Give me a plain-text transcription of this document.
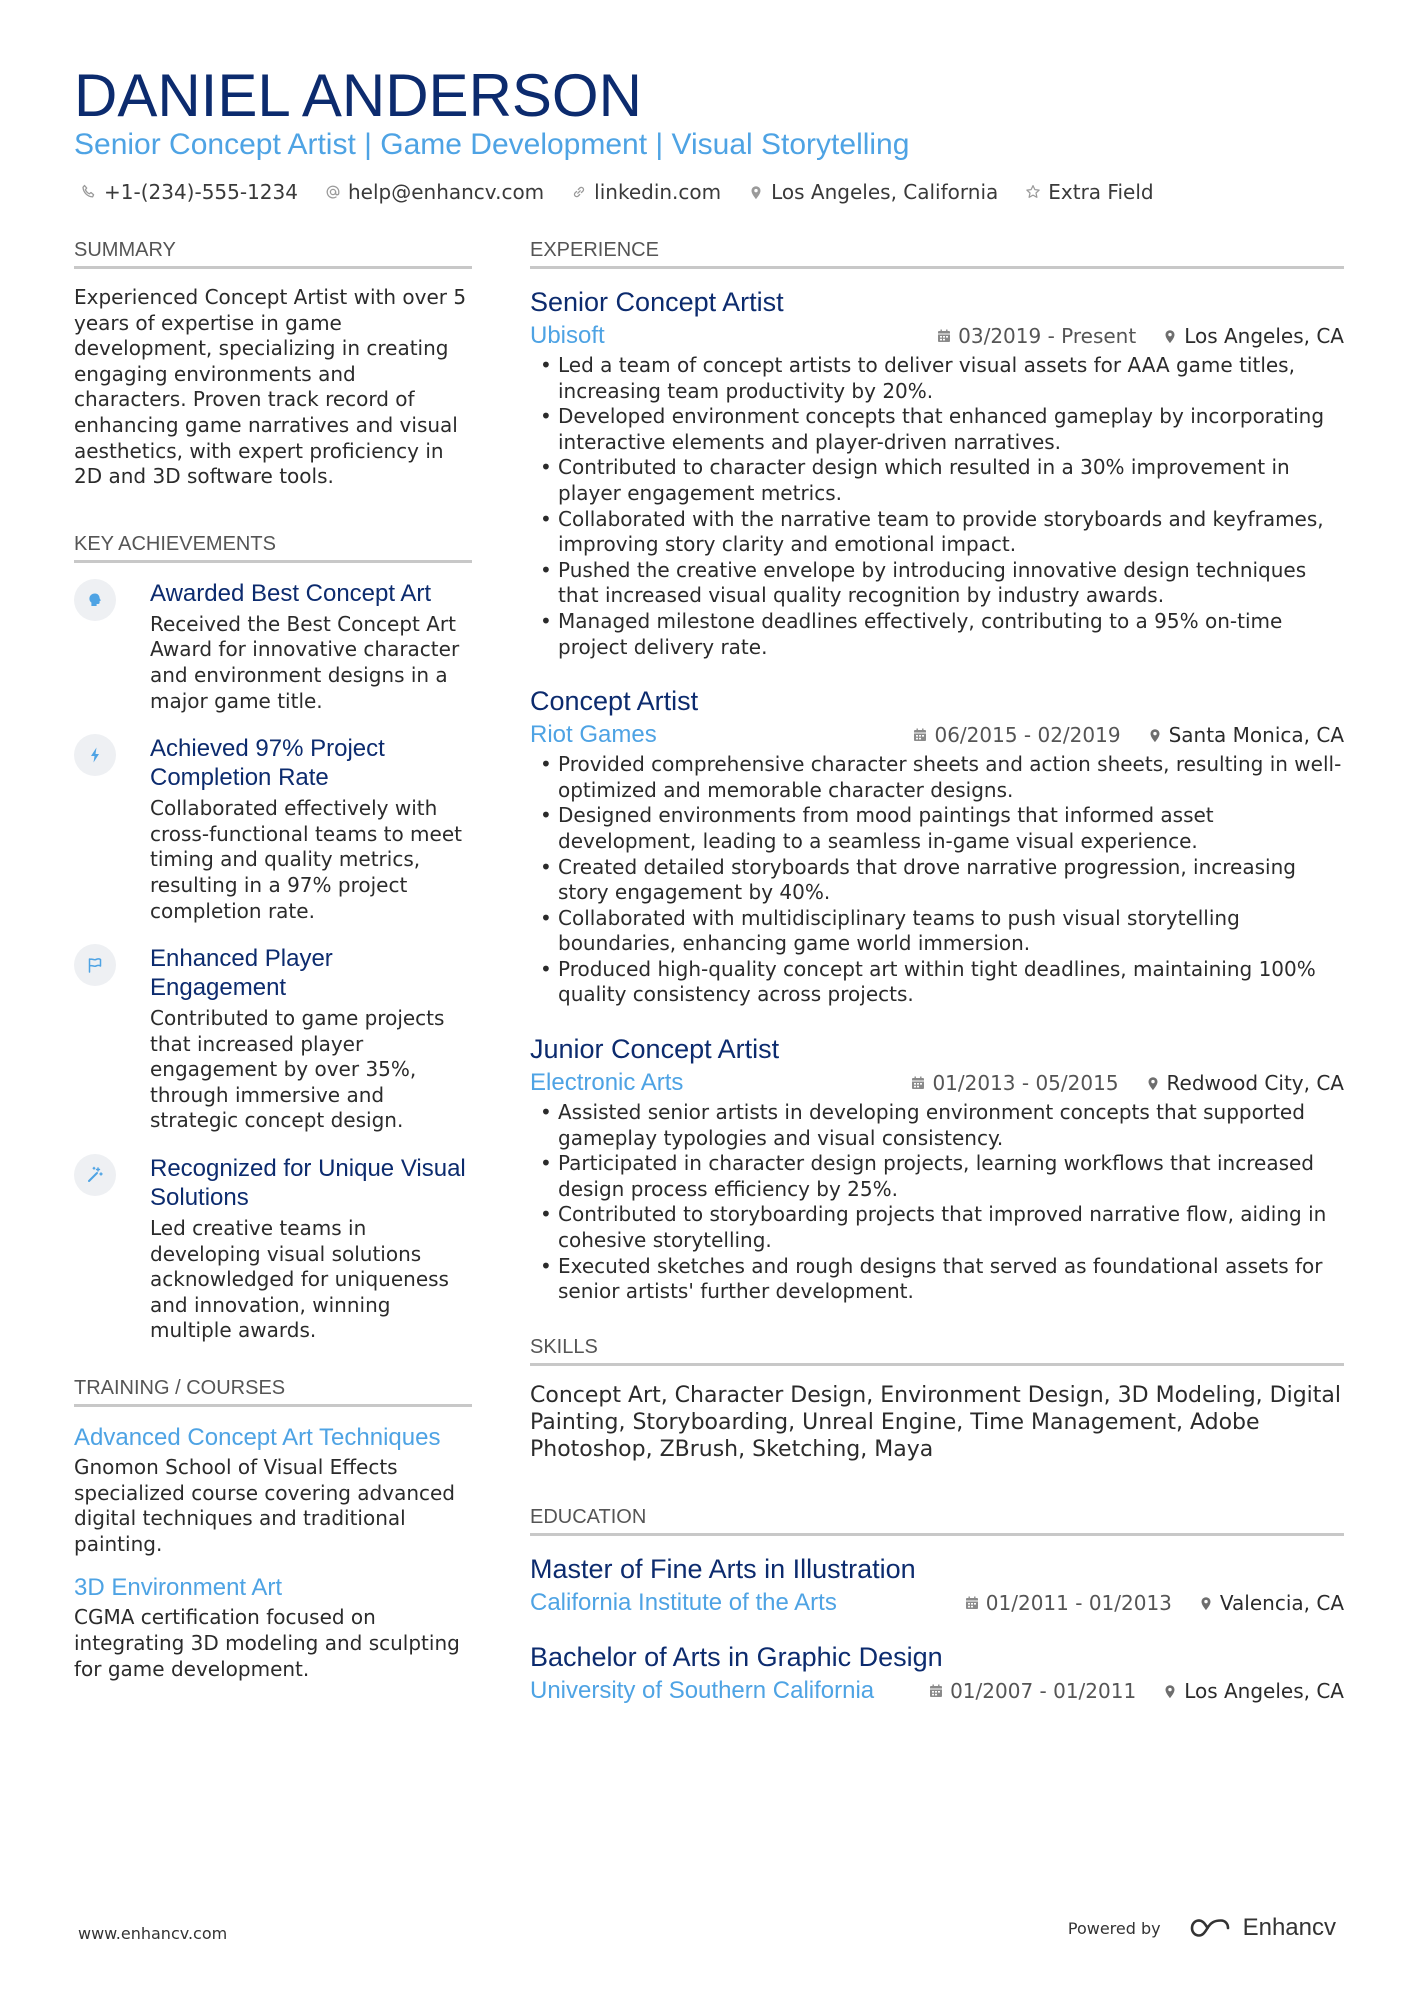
DANIEL ANDERSON
Senior Concept Artist | Game Development | Visual Storytelling
+1-(234)-555-1234	help@enhancv.com	linkedin.com	Los Angeles, California	Extra Field
SUMMARY
Experienced Concept Artist with over 5 years of expertise in game development, specializing in creating engaging environments and characters. Proven track record of enhancing game narratives and visual aesthetics, with expert proficiency in 2D and 3D software tools.
KEY ACHIEVEMENTS
Awarded Best Concept Art
Received the Best Concept Art Award for innovative character and environment designs in a major game title.
Achieved 97% Project Completion Rate
Collaborated effectively with cross-functional teams to meet timing and quality metrics, resulting in a 97% project completion rate.
Enhanced Player Engagement
Contributed to game projects that increased player engagement by over 35%, through immersive and strategic concept design.
Recognized for Unique Visual Solutions
Led creative teams in developing visual solutions acknowledged for uniqueness and innovation, winning multiple awards.
TRAINING / COURSES
Advanced Concept Art Techniques
Gnomon School of Visual Effects specialized course covering advanced digital techniques and traditional painting.
3D Environment Art
CGMA certification focused on integrating 3D modeling and sculpting for game development.
EXPERIENCE
Senior Concept Artist
Ubisoft	03/2019 - Present Los Angeles, CA
• Led a team of concept artists to deliver visual assets for AAA game titles, increasing team productivity by 20%.
• Developed environment concepts that enhanced gameplay by incorporating interactive elements and player-driven narratives.
• Contributed to character design which resulted in a 30% improvement in player engagement metrics.
• Collaborated with the narrative team to provide storyboards and keyframes, improving story clarity and emotional impact.
• Pushed the creative envelope by introducing innovative design techniques that increased visual quality recognition by industry awards.
• Managed milestone deadlines effectively, contributing to a 95% on-time project delivery rate.
Concept Artist
Riot Games	06/2015 - 02/2019 Santa Monica, CA
• Provided comprehensive character sheets and action sheets, resulting in well-optimized and memorable character designs.
• Designed environments from mood paintings that informed asset development, leading to a seamless in-game visual experience.
• Created detailed storyboards that drove narrative progression, increasing story engagement by 40%.
• Collaborated with multidisciplinary teams to push visual storytelling boundaries, enhancing game world immersion.
• Produced high-quality concept art within tight deadlines, maintaining 100% quality consistency across projects.
Junior Concept Artist
Electronic Arts	01/2013 - 05/2015 Redwood City, CA
• Assisted senior artists in developing environment concepts that supported gameplay typologies and visual consistency.
• Participated in character design projects, learning workflows that increased design process efficiency by 25%.
• Contributed to storyboarding projects that improved narrative flow, aiding in cohesive storytelling.
• Executed sketches and rough designs that served as foundational assets for senior artists' further development.
SKILLS
Concept Art, Character Design, Environment Design, 3D Modeling, Digital Painting, Storyboarding, Unreal Engine, Time Management, Adobe Photoshop, ZBrush, Sketching, Maya
EDUCATION
Master of Fine Arts in Illustration
California Institute of the Arts	01/2011 - 01/2013 Valencia, CA
Bachelor of Arts in Graphic Design
University of Southern California	01/2007 - 01/2011 Los Angeles, CA
www.enhancv.com	Powered by	Enhancv
